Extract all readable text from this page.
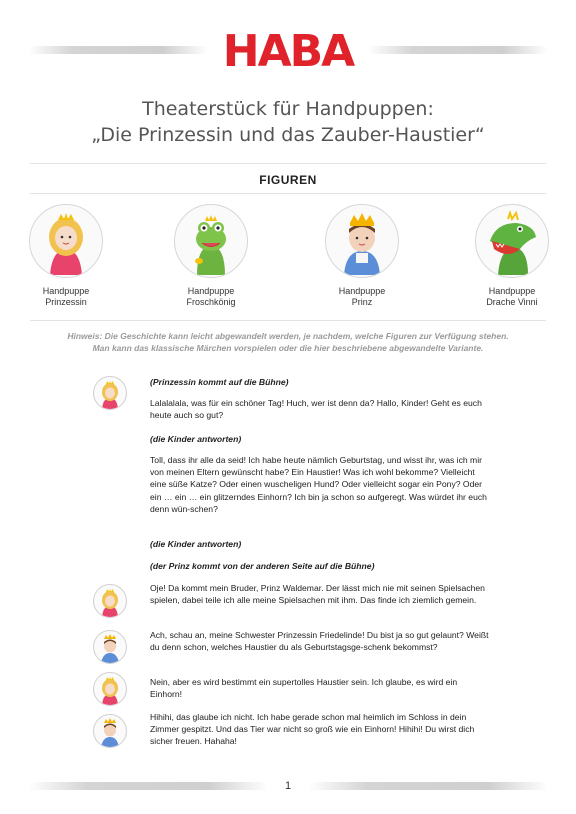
HABA
Theaterstück für Handpuppen:
„Die Prinzessin und das Zauber-Haustier“
FIGUREN
Handpuppe
Prinzessin
Handpuppe
Froschkönig
Handpuppe
Prinz
Handpuppe
Drache Vinni
Hinweis: Die Geschichte kann leicht abgewandelt werden, je nachdem, welche Figuren zur Verfügung stehen.
Man kann das klassische Märchen vorspielen oder die hier beschriebene abgewandelte Variante.

(Prinzessin kommt auf die Bühne)

Lalalalala, was für ein schöner Tag! Huch, wer ist denn da? Hallo, Kinder! Geht es euch heute auch so gut?

(die Kinder antworten)

Toll, dass ihr alle da seid! Ich habe heute nämlich Geburtstag, und wisst ihr, was ich mir von meinen Eltern gewünscht habe? Ein Haustier! Was ich wohl bekomme? Vielleicht eine süße Katze? Oder einen wuscheligen Hund? Oder vielleicht sogar ein Pony? Oder ein … ein … ein glitzerndes Einhorn? Ich bin ja schon so aufgeregt. Was würdet ihr euch denn wün-schen?

(die Kinder antworten)

(der Prinz kommt von der anderen Seite auf die Bühne)

Oje! Da kommt mein Bruder, Prinz Waldemar. Der lässt mich nie mit seinen Spielsachen spielen, dabei teile ich alle meine Spielsachen mit ihm. Das finde ich ziemlich gemein.

Ach, schau an, meine Schwester Prinzessin Friedelinde! Du bist ja so gut gelaunt? Weißt du denn schon, welches Haustier du als Geburtstagsge-schenk bekommst?

Nein, aber es wird bestimmt ein supertolles Haustier sein. Ich glaube, es wird ein Einhorn!

Hihihi, das glaube ich nicht. Ich habe gerade schon mal heimlich im Schloss in dein Zimmer gespitzt. Und das Tier war nicht so groß wie ein Einhorn! Hihihi! Du wirst dich sicher freuen. Hahaha!

1
